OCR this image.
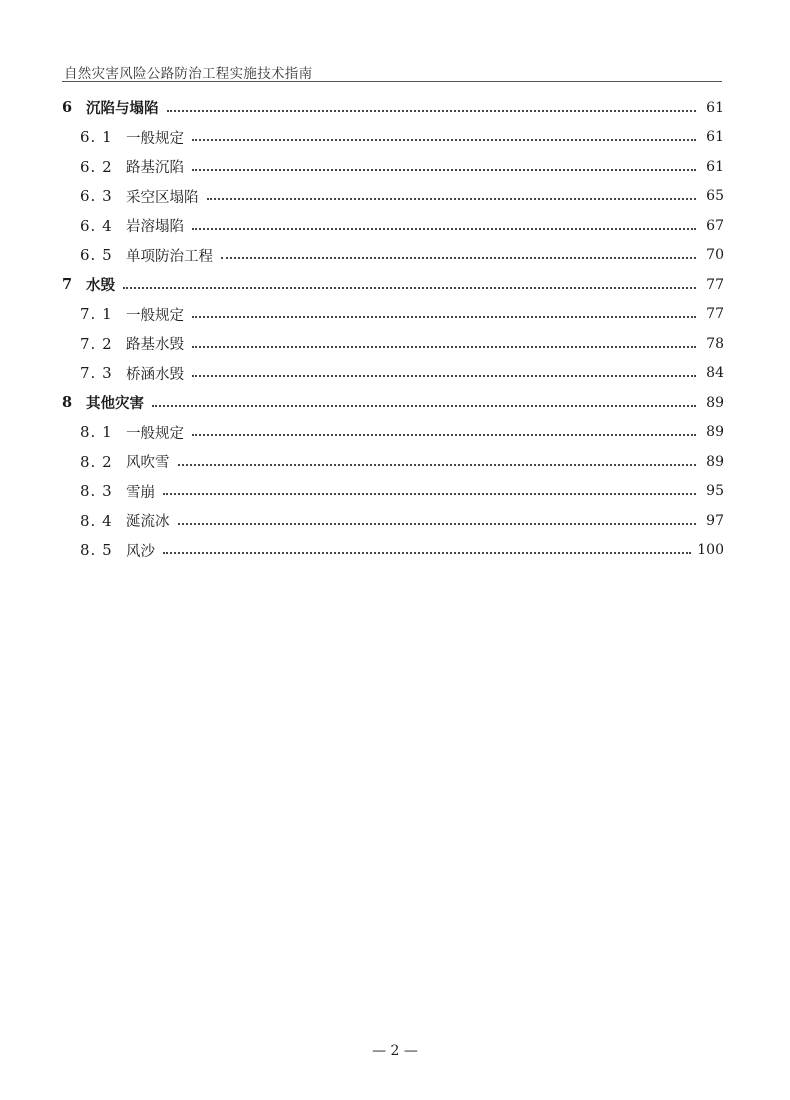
自然灾害风险公路防治工程实施技术指南
6 沉陷与塌陷	61
6. 1 一般规定	61
6. 2 路基沉陷	61
6. 3 采空区塌陷	65
6. 4 岩溶塌陷	67
6. 5 单项防治工程	70
7 水毁	77
7. 1 一般规定	77
7. 2 路基水毁	78
7. 3 桥涵水毁	84
8 其他灾害	89
8. 1 一般规定	89
8. 2 风吹雪	89
8. 3 雪崩	95
8. 4 涎流冰	97
8. 5 风沙	100
— 2 —
